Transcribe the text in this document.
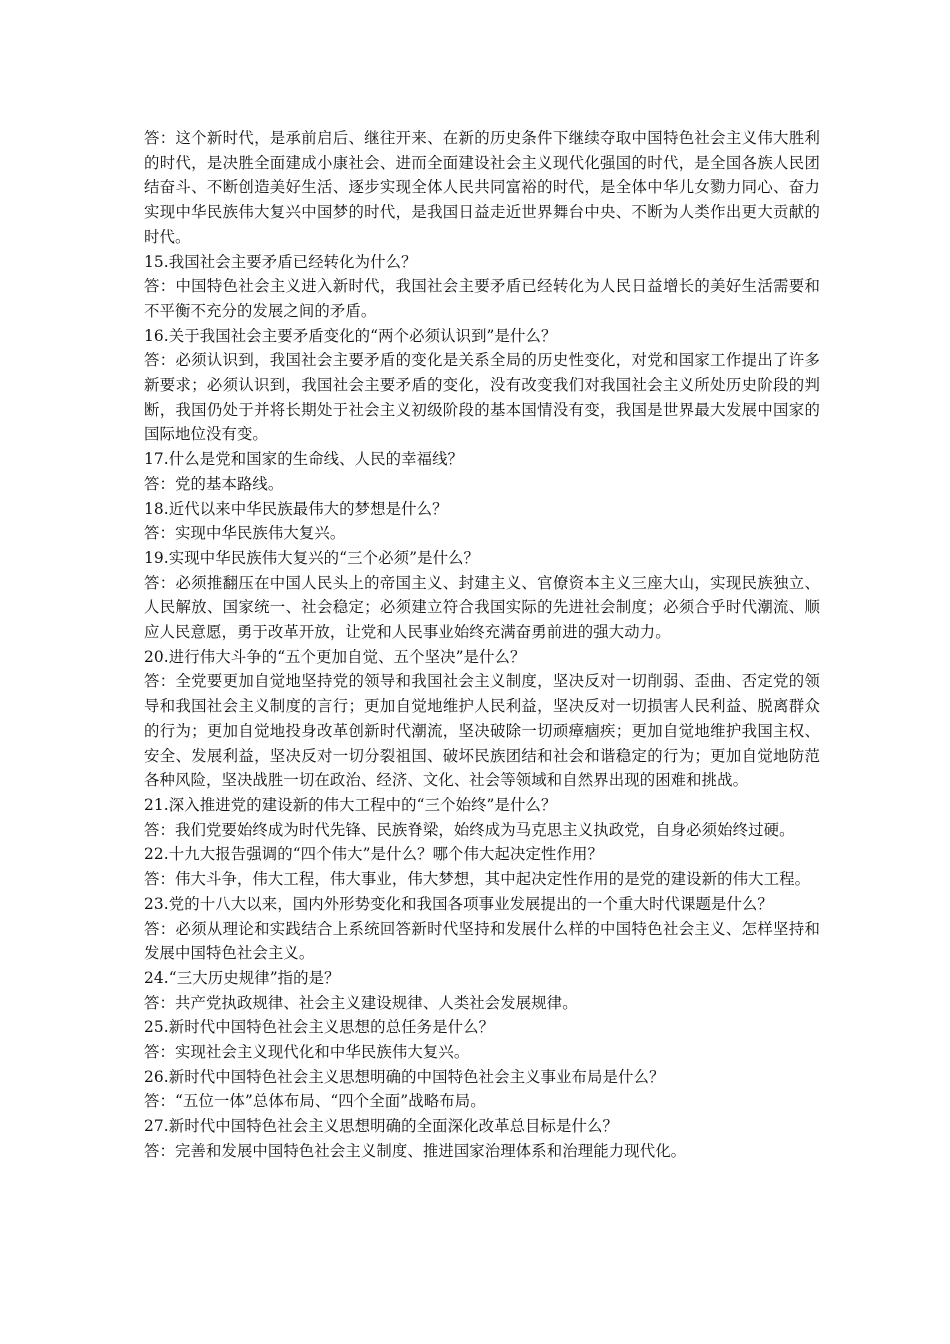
答：这个新时代，是承前启后、继往开来、在新的历史条件下继续夺取中国特色社会主义伟大胜利的时代，是决胜全面建成小康社会、进而全面建设社会主义现代化强国的时代，是全国各族人民团结奋斗、不断创造美好生活、逐步实现全体人民共同富裕的时代，是全体中华儿女勠力同心、奋力实现中华民族伟大复兴中国梦的时代，是我国日益走近世界舞台中央、不断为人类作出更大贡献的时代。

15.我国社会主要矛盾已经转化为什么？

答：中国特色社会主义进入新时代，我国社会主要矛盾已经转化为人民日益增长的美好生活需要和不平衡不充分的发展之间的矛盾。

16.关于我国社会主要矛盾变化的“两个必须认识到”是什么？

答：必须认识到，我国社会主要矛盾的变化是关系全局的历史性变化，对党和国家工作提出了许多新要求；必须认识到，我国社会主要矛盾的变化，没有改变我们对我国社会主义所处历史阶段的判断，我国仍处于并将长期处于社会主义初级阶段的基本国情没有变，我国是世界最大发展中国家的国际地位没有变。

17.什么是党和国家的生命线、人民的幸福线？

答：党的基本路线。

18.近代以来中华民族最伟大的梦想是什么？

答：实现中华民族伟大复兴。

19.实现中华民族伟大复兴的“三个必须”是什么？

答：必须推翻压在中国人民头上的帝国主义、封建主义、官僚资本主义三座大山，实现民族独立、人民解放、国家统一、社会稳定；必须建立符合我国实际的先进社会制度；必须合乎时代潮流、顺应人民意愿，勇于改革开放，让党和人民事业始终充满奋勇前进的强大动力。

20.进行伟大斗争的“五个更加自觉、五个坚决”是什么？

答：全党要更加自觉地坚持党的领导和我国社会主义制度，坚决反对一切削弱、歪曲、否定党的领导和我国社会主义制度的言行；更加自觉地维护人民利益，坚决反对一切损害人民利益、脱离群众的行为；更加自觉地投身改革创新时代潮流，坚决破除一切顽瘴痼疾；更加自觉地维护我国主权、安全、发展利益，坚决反对一切分裂祖国、破坏民族团结和社会和谐稳定的行为；更加自觉地防范各种风险，坚决战胜一切在政治、经济、文化、社会等领域和自然界出现的困难和挑战。

21.深入推进党的建设新的伟大工程中的“三个始终”是什么？

答：我们党要始终成为时代先锋、民族脊梁，始终成为马克思主义执政党，自身必须始终过硬。

22.十九大报告强调的“四个伟大”是什么？哪个伟大起决定性作用？

答：伟大斗争，伟大工程，伟大事业，伟大梦想，其中起决定性作用的是党的建设新的伟大工程。

23.党的十八大以来，国内外形势变化和我国各项事业发展提出的一个重大时代课题是什么？

答：必须从理论和实践结合上系统回答新时代坚持和发展什么样的中国特色社会主义、怎样坚持和发展中国特色社会主义。

24.“三大历史规律”指的是？

答：共产党执政规律、社会主义建设规律、人类社会发展规律。

25.新时代中国特色社会主义思想的总任务是什么？

答：实现社会主义现代化和中华民族伟大复兴。

26.新时代中国特色社会主义思想明确的中国特色社会主义事业布局是什么？

答：“五位一体”总体布局、“四个全面”战略布局。

27.新时代中国特色社会主义思想明确的全面深化改革总目标是什么？

答：完善和发展中国特色社会主义制度、推进国家治理体系和治理能力现代化。
